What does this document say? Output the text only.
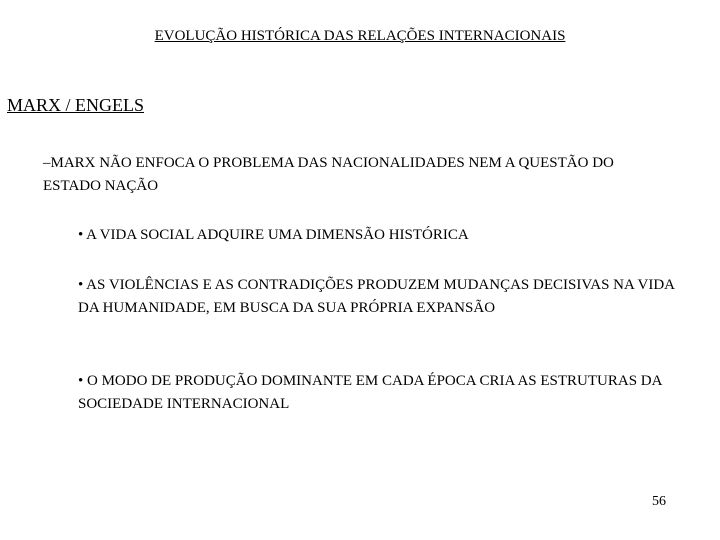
EVOLUÇÃO HISTÓRICA DAS RELAÇÕES INTERNACIONAIS
MARX / ENGELS
–MARX NÃO ENFOCA O PROBLEMA DAS NACIONALIDADES NEM A QUESTÃO DO ESTADO NAÇÃO
• A VIDA SOCIAL ADQUIRE UMA DIMENSÃO HISTÓRICA
• AS VIOLÊNCIAS E AS CONTRADIÇÕES PRODUZEM MUDANÇAS DECISIVAS NA VIDA DA HUMANIDADE, EM BUSCA DA SUA PRÓPRIA EXPANSÃO
• O MODO DE PRODUÇÃO DOMINANTE EM CADA ÉPOCA CRIA AS ESTRUTURAS DA SOCIEDADE INTERNACIONAL
56
